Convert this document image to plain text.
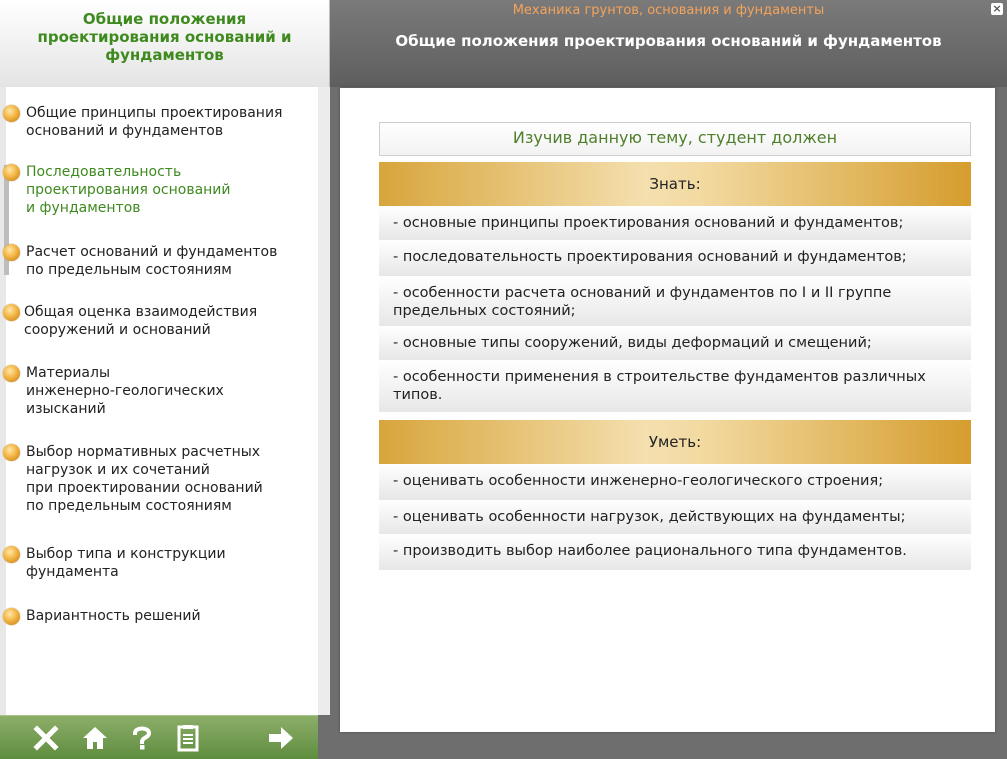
Общие положения проектирования оснований и фундаментов
Общие принципы проектирования
оснований и фундаментов
Последовательность
проектирования оснований
и фундаментов
Расчет оснований и фундаментов
по предельным состояниям
Общая оценка взаимодействия
сооружений и оснований
Материалы
инженерно-геологических
изысканий
Выбор нормативных расчетных
нагрузок и их сочетаний
при проектировании оснований
по предельным состояниям
Выбор типа и конструкции
фундамента
Вариантность решений
Механика грунтов, основания и фундаменты
Общие положения проектирования оснований и фундаментов
×
Изучив данную тему, студент должен
Знать:
- основные принципы проектирования оснований и фундаментов;
- последовательность проектирования оснований и фундаментов;
- особенности расчета оснований и фундаментов по I и II группе
предельных состояний;
- основные типы сооружений, виды деформаций и смещений;
- особенности применения в строительстве фундаментов различных
типов.
Уметь:
- оценивать особенности инженерно-геологического строения;
- оценивать особенности нагрузок, действующих на фундаменты;
- производить выбор наиболее рационального типа фундаментов.
